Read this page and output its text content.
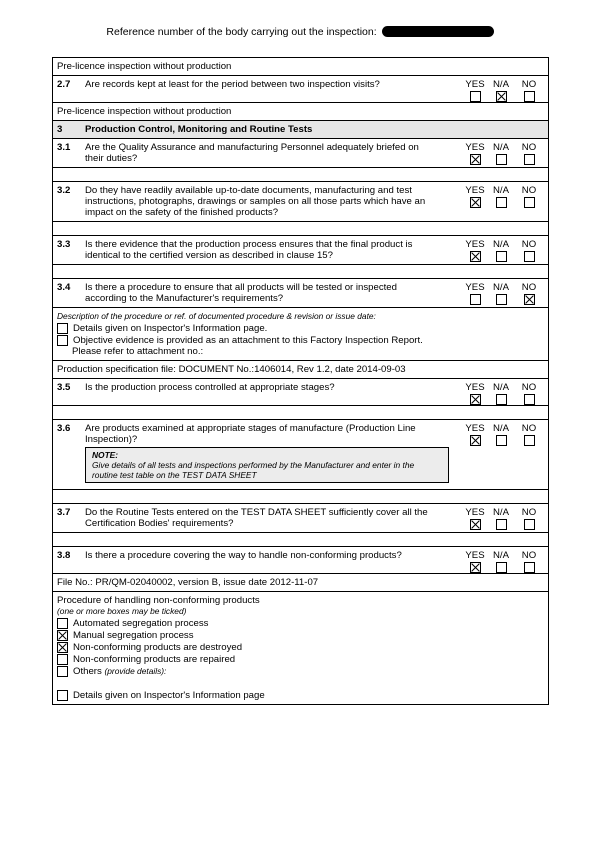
Reference number of the body carrying out the inspection:
Pre-licence inspection without production
2.7 Are records kept at least for the period between two inspection visits?	YES N/A	NO
Pre-licence inspection without production
3 Production Control, Monitoring and Routine Tests
3.1 Are the Quality Assurance and manufacturing Personnel adequately briefed on their duties?
YES N/A	NO
3.2 Do they have readily available up-to-date documents, manufacturing and test instructions, photographs, drawings or samples on all those parts which have an impact on the safety of the finished products?
YES N/A	NO
3.3 Is there evidence that the production process ensures that the final product is identical to the certified version as described in clause 15?
YES N/A	NO
3.4 Is there a procedure to ensure that all products will be tested or inspected according to the Manufacturer's requirements?
YES N/A	NO
Description of the procedure or ref. of documented procedure & revision or issue date:
Details given on Inspector's Information page.
Objective evidence is provided as an attachment to this Factory Inspection Report.
Please refer to attachment no.:
Production specification file: DOCUMENT No.:1406014, Rev 1.2, date 2014-09-03
3.5 Is the production process controlled at appropriate stages?	YES N/A	NO
3.6 Are products examined at appropriate stages of manufacture (Production Line Inspection)?
NOTE:
Give details of all tests and inspections performed by the Manufacturer and enter in the routine test table on the TEST DATA SHEET
YES N/A	NO
3.7 Do the Routine Tests entered on the TEST DATA SHEET sufficiently cover all the Certification Bodies' requirements?
YES N/A	NO
3.8 Is there a procedure covering the way to handle non-conforming products?	YES N/A	NO
File No.: PR/QM-02040002, version B, issue date 2012-11-07
Procedure of handling non-conforming products
(one or more boxes may be ticked)
Automated segregation process
Manual segregation process
Non-conforming products are destroyed
Non-conforming products are repaired
Others
(provide details):
Details given on Inspector's Information page
